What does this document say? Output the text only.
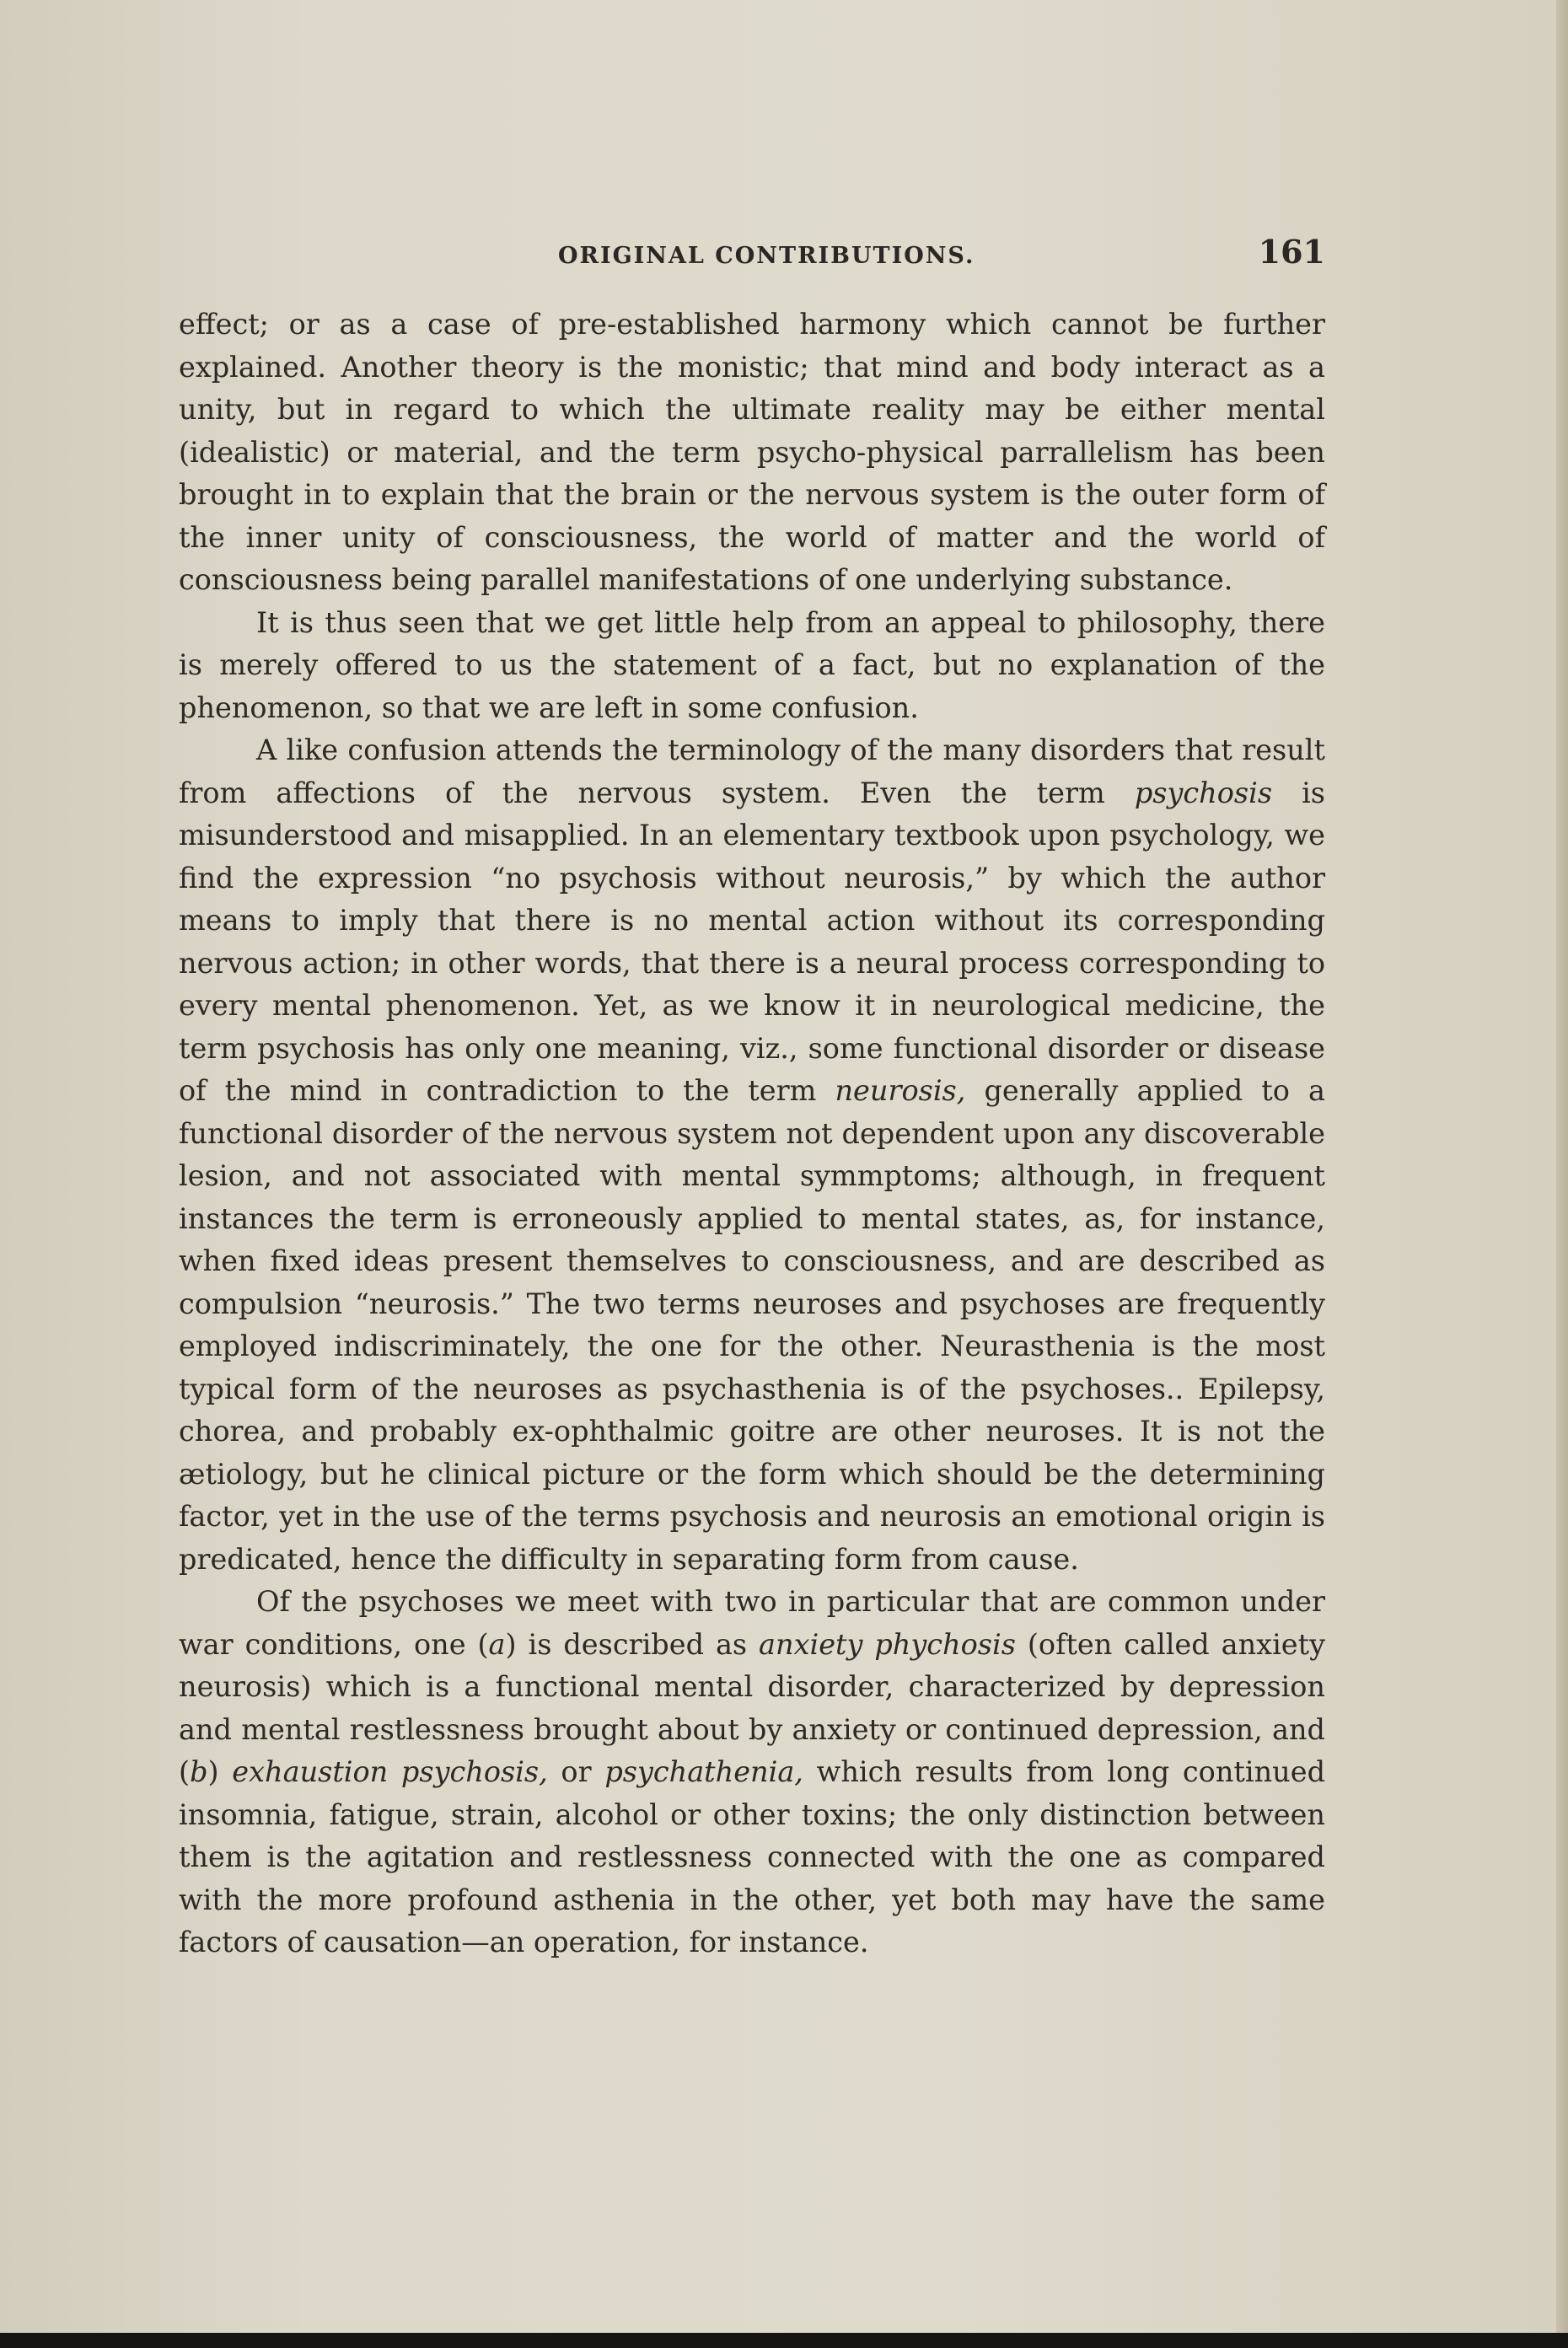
ORIGINAL CONTRIBUTIONS.	161

effect; or as a case of pre-established harmony which cannot be further explained. Another theory is the monistic; that mind and body interact as a unity, but in regard to which the ultimate reality may be either mental (idealistic) or material, and the term psycho-physical parrallelism has been brought in to explain that the brain or the nervous system is the outer form of the inner unity of consciousness, the world of matter and the world of consciousness being parallel manifestations of one underlying substance.

It is thus seen that we get little help from an appeal to philosophy, there is merely offered to us the statement of a fact, but no explanation of the phenomenon, so that we are left in some confusion.

A like confusion attends the terminology of the many disorders that result from affections of the nervous system. Even the term psychosis is misunderstood and misapplied. In an elementary textbook upon psychology, we find the expression “no psychosis without neurosis,” by which the author means to imply that there is no mental action without its corresponding nervous action; in other words, that there is a neural process corresponding to every mental phenomenon. Yet, as we know it in neurological medicine, the term psychosis has only one meaning, viz., some functional disorder or disease of the mind in contradiction to the term neurosis, generally applied to a functional disorder of the nervous system not dependent upon any discoverable lesion, and not associated with mental symmptoms; although, in frequent instances the term is erroneously applied to mental states, as, for instance, when fixed ideas present themselves to consciousness, and are described as compulsion “neurosis.” The two terms neuroses and psychoses are frequently employed indiscriminately, the one for the other. Neurasthenia is the most typical form of the neuroses as psychasthenia is of the psychoses.. Epilepsy, chorea, and probably ex-ophthalmic goitre are other neuroses. It is not the ætiology, but he clinical picture or the form which should be the determining factor, yet in the use of the terms psychosis and neurosis an emotional origin is predicated, hence the difficulty in separating form from cause.

Of the psychoses we meet with two in particular that are common under war conditions, one (a) is described as anxiety phychosis (often called anxiety neurosis) which is a functional mental disorder, characterized by depression and mental restlessness brought about by anxiety or continued depression, and (b) exhaustion psychosis, or psychathenia, which results from long continued insomnia, fatigue, strain, alcohol or other toxins; the only distinction between them is the agitation and restlessness connected with the one as compared with the more profound asthenia in the other, yet both may have the same factors of causation—an operation, for instance.
